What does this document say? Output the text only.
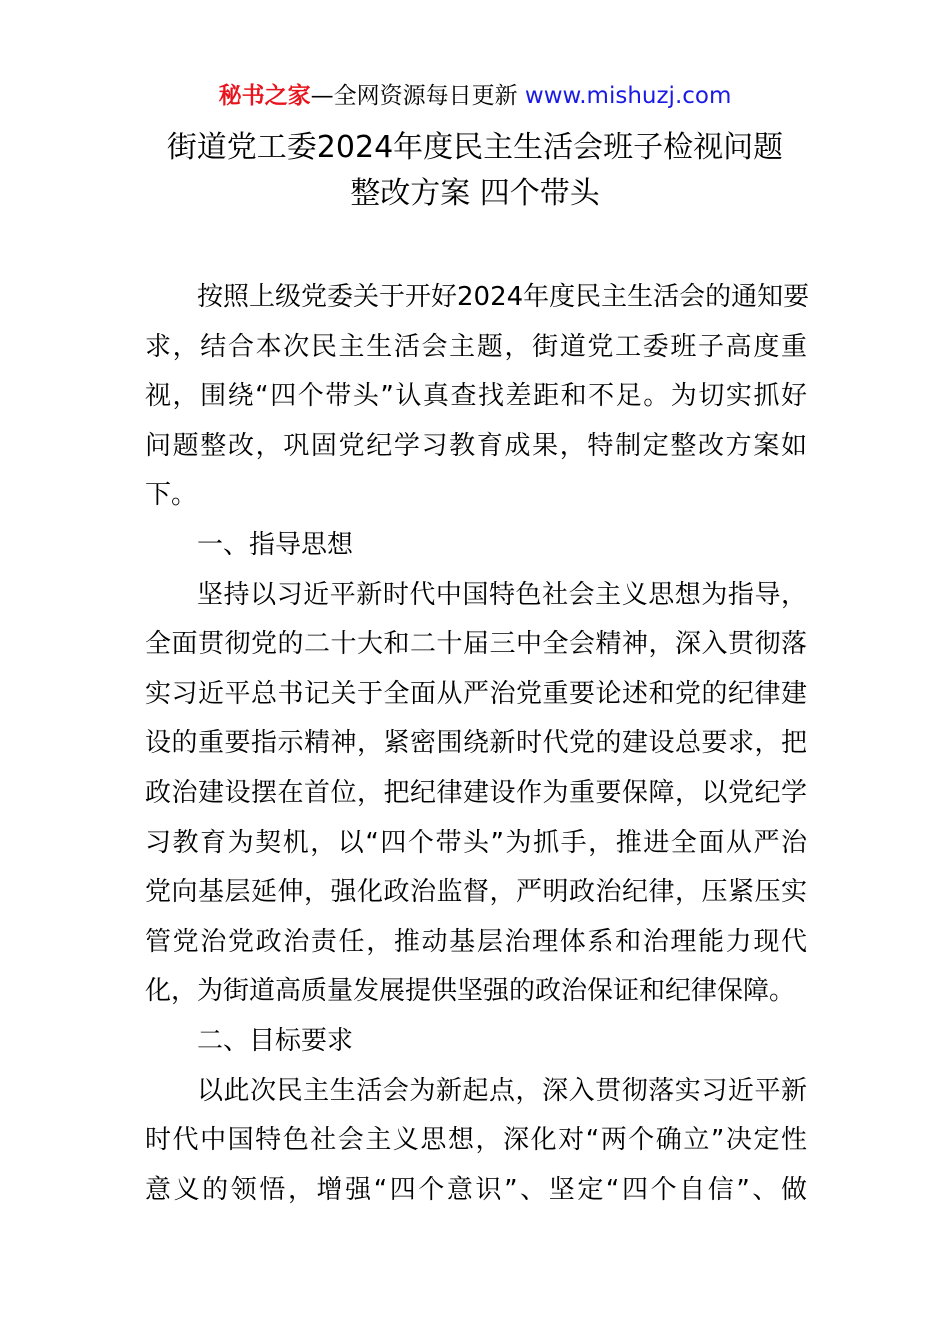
秘书之家—全网资源每日更新 www.mishuzj.com
街道党工委2024年度民主生活会班子检视问题
整改方案 四个带头

按照上级党委关于开好2024年度民主生活会的通知要
求，结合本次民主生活会主题，街道党工委班子高度重
视，围绕“四个带头”认真查找差距和不足。为切实抓好
问题整改，巩固党纪学习教育成果，特制定整改方案如
下。

一、指导思想

坚持以习近平新时代中国特色社会主义思想为指导，
全面贯彻党的二十大和二十届三中全会精神，深入贯彻落
实习近平总书记关于全面从严治党重要论述和党的纪律建
设的重要指示精神，紧密围绕新时代党的建设总要求，把
政治建设摆在首位，把纪律建设作为重要保障，以党纪学
习教育为契机，以“四个带头”为抓手，推进全面从严治
党向基层延伸，强化政治监督，严明政治纪律，压紧压实
管党治党政治责任，推动基层治理体系和治理能力现代
化，为街道高质量发展提供坚强的政治保证和纪律保障。

二、目标要求

以此次民主生活会为新起点，深入贯彻落实习近平新
时代中国特色社会主义思想，深化对“两个确立”决定性
意义的领悟，增强“四个意识”、坚定“四个自信”、做
